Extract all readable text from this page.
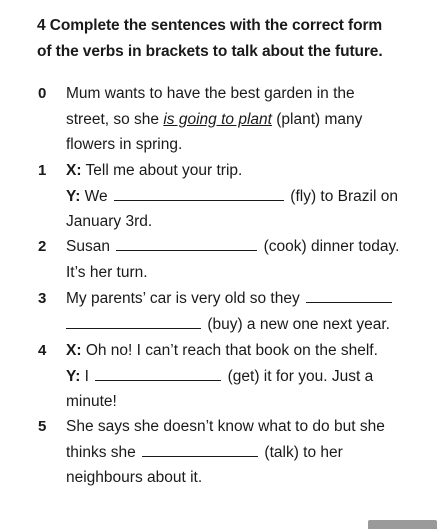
4 Complete the sentences with the correct form
of the verbs in brackets to talk about the future.
0 Mum wants to have the best garden in the
street, so she is going to plant (plant) many
flowers in spring.
1 X: Tell me about your trip.
Y: We	(fly) to Brazil on
January 3rd.
2 Susan	(cook) dinner today.
It’s her turn.
3 My parents’ car is very old so they
(buy) a new one next year.
4 X: Oh no! I can’t reach that book on the shelf.
Y: I	(get) it for you. Just a
minute!
5 She says she doesn’t know what to do but she
thinks she	(talk) to her
neighbours about it.
